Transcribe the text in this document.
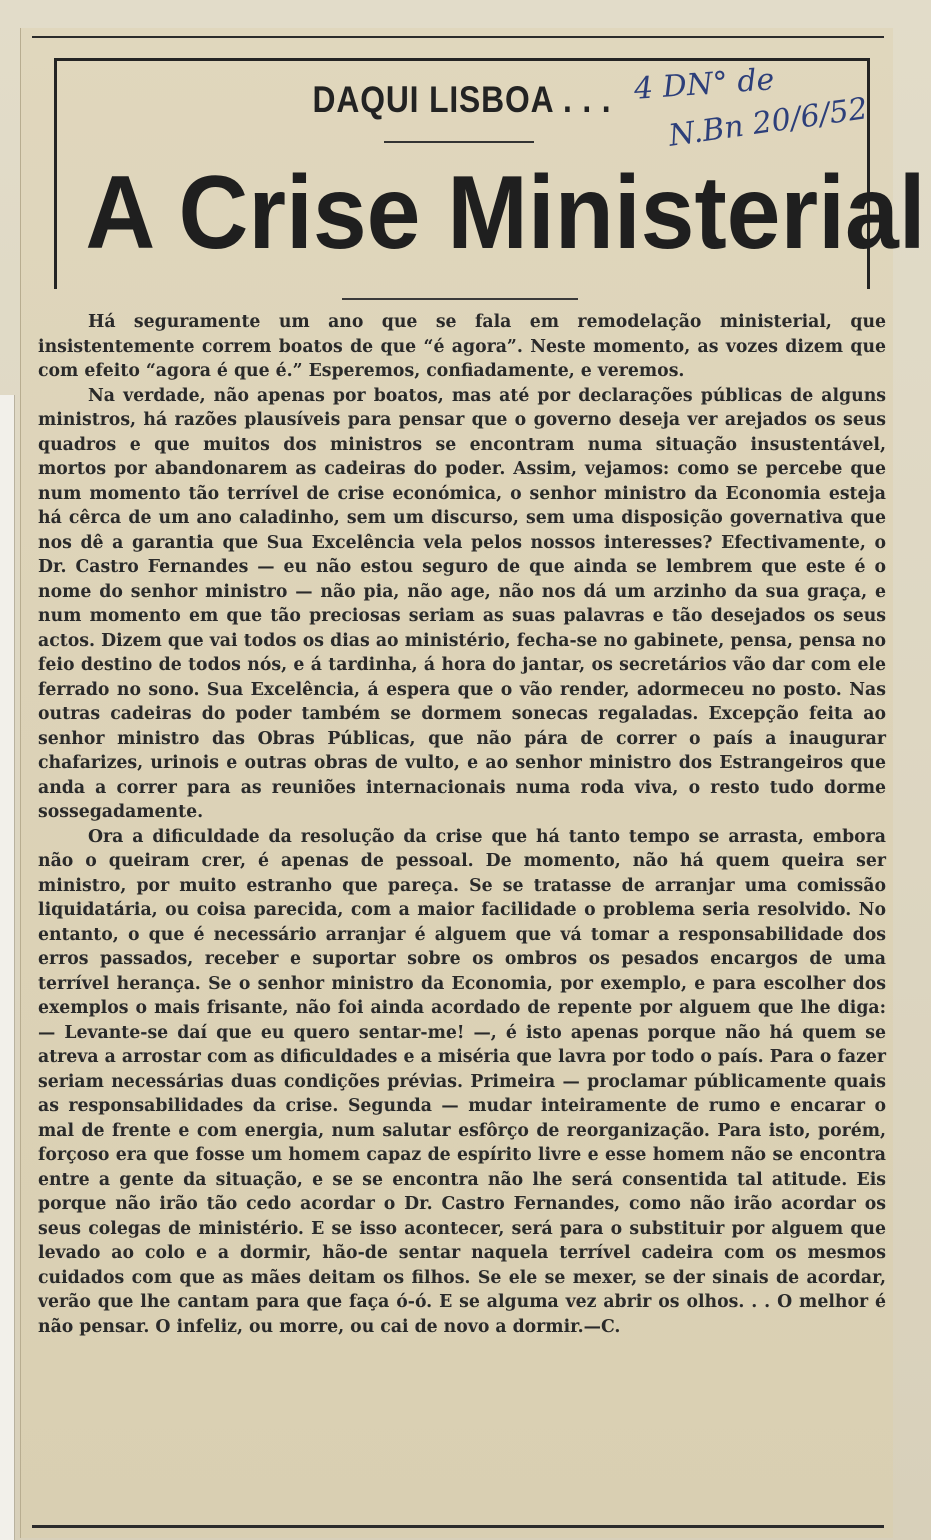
DAQUI LISBOA . . .
A Crise Ministerial
4 DN° de
N.Bn 20/6/52

Há seguramente um ano que se fala em remodelação ministerial, que insistentemente correm boatos de que “é agora”. Neste momento, as vozes dizem que com efeito “agora é que é.” Esperemos, confiadamente, e veremos.

Na verdade, não apenas por boatos, mas até por declarações públicas de alguns ministros, há razões plausíveis para pensar que o governo deseja ver arejados os seus quadros e que muitos dos ministros se encontram numa situação insustentável, mortos por abandonarem as cadeiras do poder. Assim, vejamos: como se percebe que num momento tão terrível de crise económica, o senhor ministro da Economia esteja há cêrca de um ano caladinho, sem um discurso, sem uma disposição governativa que nos dê a garantia que Sua Excelência vela pelos nossos interesses? Efectivamente, o Dr. Castro Fernandes — eu não estou seguro de que ainda se lembrem que este é o nome do senhor ministro — não pia, não age, não nos dá um arzinho da sua graça, e num momento em que tão preciosas seriam as suas palavras e tão desejados os seus actos. Dizem que vai todos os dias ao ministério, fecha-se no gabinete, pensa, pensa no feio destino de todos nós, e á tardinha, á hora do jantar, os secretários vão dar com ele ferrado no sono. Sua Excelência, á espera que o vão render, adormeceu no posto. Nas outras cadeiras do poder também se dormem sonecas regaladas. Excepção feita ao senhor ministro das Obras Públicas, que não pára de correr o país a inaugurar chafarizes, urinois e outras obras de vulto, e ao senhor ministro dos Estrangeiros que anda a correr para as reuniões internacionais numa roda viva, o resto tudo dorme sossegadamente.

Ora a dificuldade da resolução da crise que há tanto tempo se arrasta, embora não o queiram crer, é apenas de pessoal. De momento, não há quem queira ser ministro, por muito estranho que pareça. Se se tratasse de arranjar uma comissão liquidatária, ou coisa parecida, com a maior facilidade o problema seria resolvido. No entanto, o que é necessário arranjar é alguem que vá tomar a responsabilidade dos erros passados, receber e suportar sobre os ombros os pesados encargos de uma terrível herança. Se o senhor ministro da Economia, por exemplo, e para escolher dos exemplos o mais frisante, não foi ainda acordado de repente por alguem que lhe diga: — Levante-se daí que eu quero sentar-me! —, é isto apenas porque não há quem se atreva a arrostar com as dificuldades e a miséria que lavra por todo o país. Para o fazer seriam necessárias duas condições prévias. Primeira — proclamar públicamente quais as responsabilidades da crise. Segunda — mudar inteiramente de rumo e encarar o mal de frente e com energia, num salutar esfôrço de reorganização. Para isto, porém, forçoso era que fosse um homem capaz de espírito livre e esse homem não se encontra entre a gente da situação, e se se encontra não lhe será consentida tal atitude. Eis porque não irão tão cedo acordar o Dr. Castro Fernandes, como não irão acordar os seus colegas de ministério. E se isso acontecer, será para o substituir por alguem que levado ao colo e a dormir, hão-de sentar naquela terrível cadeira com os mesmos cuidados com que as mães deitam os filhos. Se ele se mexer, se der sinais de acordar, verão que lhe cantam para que faça ó-ó. E se alguma vez abrir os olhos. . . O melhor é não pensar. O infeliz, ou morre, ou cai de novo a dormir.—C.
